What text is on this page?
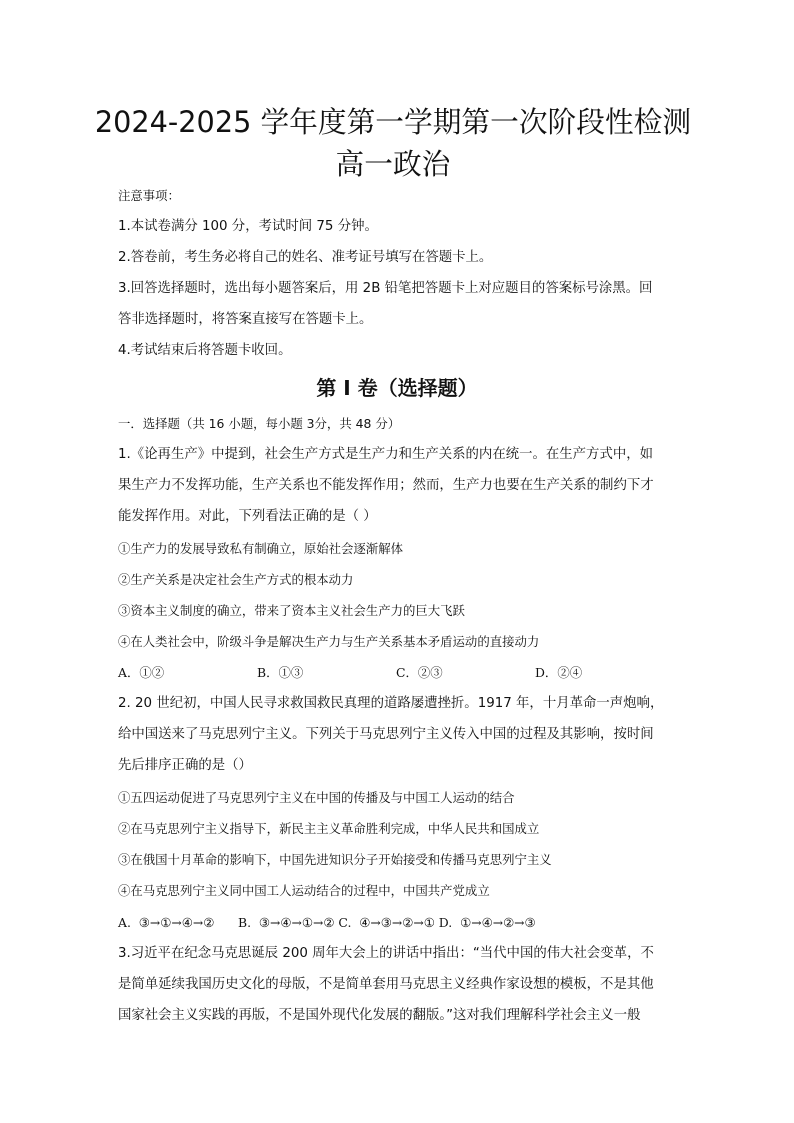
2024-2025 学年度第一学期第一次阶段性检测
高一政治
注意事项：
1.本试卷满分 100 分，考试时间 75 分钟。
2.答卷前，考生务必将自己的姓名、准考证号填写在答题卡上。
3.回答选择题时，选出每小题答案后，用 2B 铅笔把答题卡上对应题目的答案标号涂黑。回
答非选择题时，将答案直接写在答题卡上。
4.考试结束后将答题卡收回。
第 I 卷（选择题）
一．选择题（共 16 小题，每小题 3分，共 48 分）
1.《论再生产》中提到，社会生产方式是生产力和生产关系的内在统一。在生产方式中，如
果生产力不发挥功能，生产关系也不能发挥作用；然而，生产力也要在生产关系的制约下才
能发挥作用。对此，下列看法正确的是（ ）
①生产力的发展导致私有制确立，原始社会逐渐解体
②生产关系是决定社会生产方式的根本动力
③资本主义制度的确立，带来了资本主义社会生产力的巨大飞跃
④在人类社会中，阶级斗争是解决生产力与生产关系基本矛盾运动的直接动力
A．①②	B．①③	C．②③	D．②④
2. 20 世纪初，中国人民寻求救国救民真理的道路屡遭挫折。1917 年，十月革命一声炮响，
给中国送来了马克思列宁主义。下列关于马克思列宁主义传入中国的过程及其影响，按时间
先后排序正确的是（）
①五四运动促进了马克思列宁主义在中国的传播及与中国工人运动的结合
②在马克思列宁主义指导下，新民主主义革命胜利完成，中华人民共和国成立
③在俄国十月革命的影响下，中国先进知识分子开始接受和传播马克思列宁主义
④在马克思列宁主义同中国工人运动结合的过程中，中国共产党成立
A.  ③→①→④→②      B.  ③→④→①→② C.  ④→③→②→① D.  ①→④→②→③
3.习近平在纪念马克思诞辰 200 周年大会上的讲话中指出：“当代中国的伟大社会变革，不
是简单延续我国历史文化的母版，不是简单套用马克思主义经典作家设想的模板，不是其他
国家社会主义实践的再版，不是国外现代化发展的翻版。”这对我们理解科学社会主义一般
